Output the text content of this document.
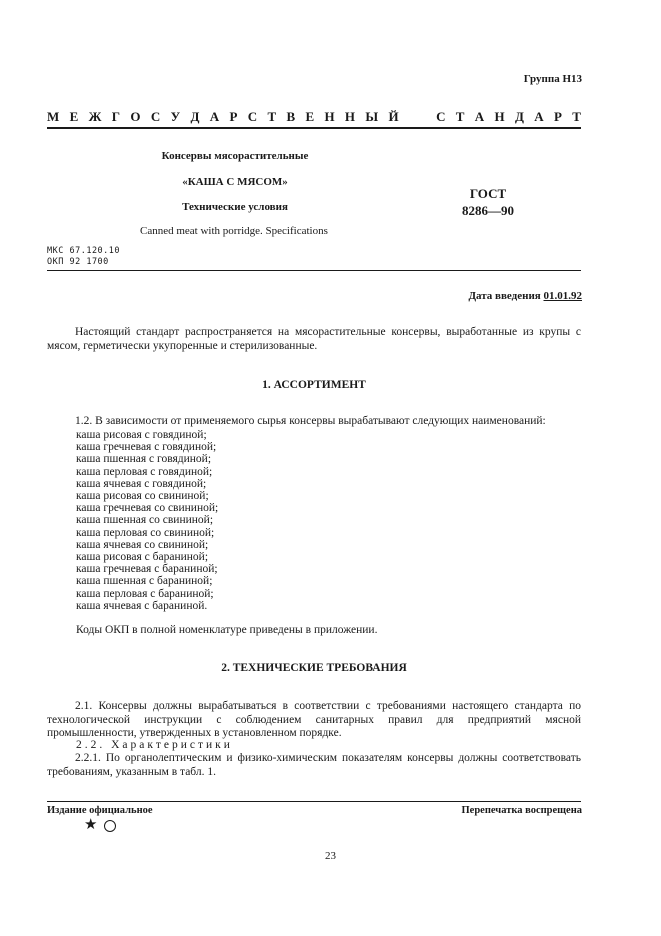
Группа Н13
М Е Ж Г О С У Д А Р С Т В Е Н Н Ы Й

	С Т А Н Д А Р Т
Консервы мясорастительные
«КАША С МЯСОМ»
Технические условия
Canned meat with porridge. Specifications
ГОСТ
8286—90
МКС 67.120.10
ОКП 92 1700
Дата введения 01.01.92
Настоящий стандарт распространяется на мясорастительные консервы, выработанные из крупы с мясом, герметически укупоренные и стерилизованные.
1. АССОРТИМЕНТ
1.2. В зависимости от применяемого сырья консервы вырабатывают следующих наименований:
каша рисовая с говядиной;
каша гречневая с говядиной;
каша пшенная с говядиной;
каша перловая с говядиной;
каша ячневая с говядиной;
каша рисовая со свининой;
каша гречневая со свининой;
каша пшенная со свининой;
каша перловая со свининой;
каша ячневая со свининой;
каша рисовая с бараниной;
каша гречневая с бараниной;
каша пшенная с бараниной;
каша перловая с бараниной;
каша ячневая с бараниной.
Коды ОКП в полной номенклатуре приведены в приложении.
2. ТЕХНИЧЕСКИЕ ТРЕБОВАНИЯ
2.1. Консервы должны вырабатываться в соответствии с требованиями настоящего стандарта по технологической инструкции с соблюдением санитарных правил для предприятий мясной промышленности, утвержденных в установленном порядке.
2.2. Характеристики
2.2.1. По органолептическим и физико-химическим показателям консервы должны соответствовать требованиям, указанным в табл. 1.
Издание официальное	Перепечатка воспрещена
★
23
